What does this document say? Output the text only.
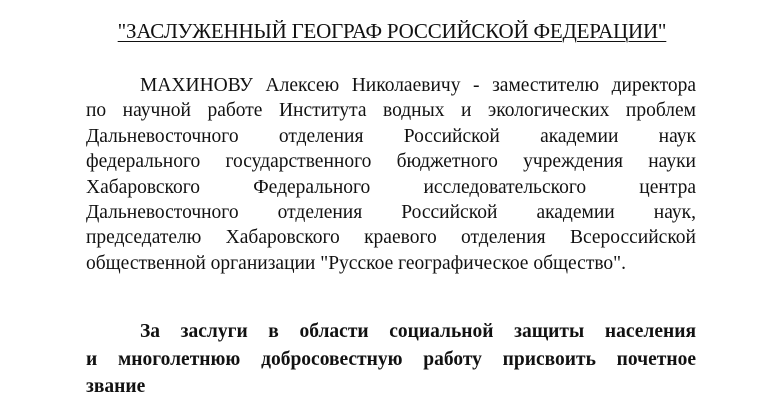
"ЗАСЛУЖЕННЫЙ ГЕОГРАФ РОССИЙСКОЙ ФЕДЕРАЦИИ"
МАХИНОВУ Алексею Николаевичу - заместителю директора
по научной работе Института водных и экологических проблем
Дальневосточного отделения Российской академии наук
федерального государственного бюджетного учреждения науки
Хабаровского Федерального исследовательского центра
Дальневосточного отделения Российской академии наук,
председателю Хабаровского краевого отделения Всероссийской
общественной организации "Русское географическое общество".
За заслуги в области социальной защиты населения
и многолетнюю добросовестную работу присвоить почетное
звание
